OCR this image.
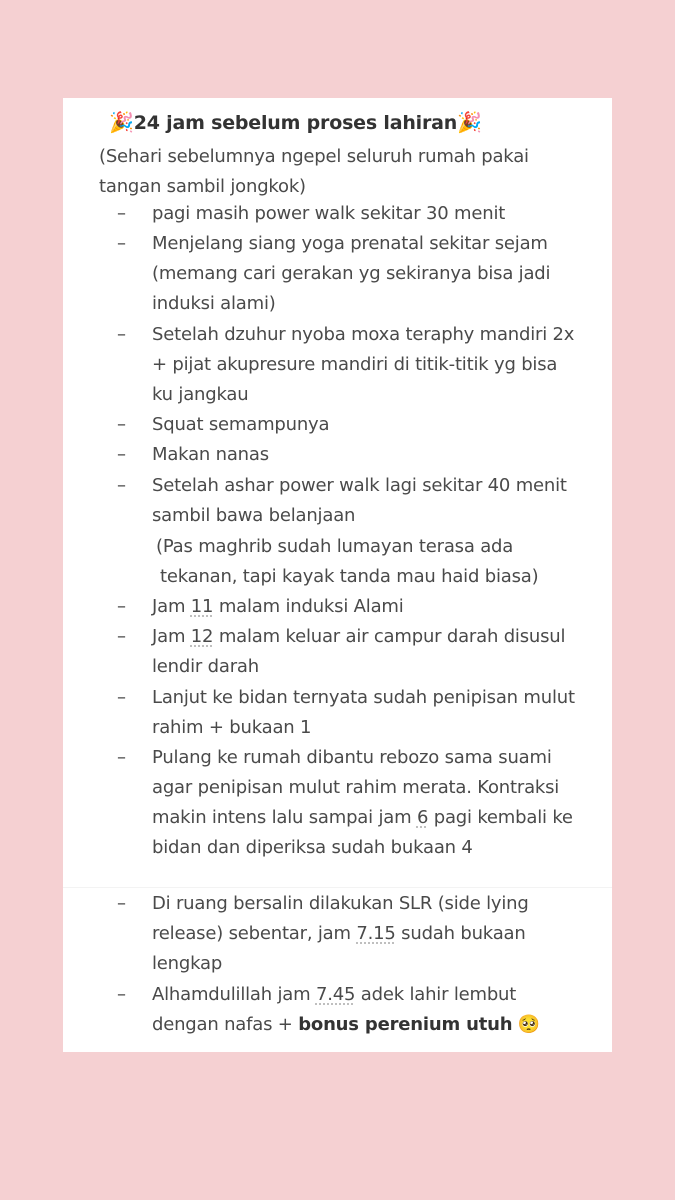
🎉24 jam sebelum proses lahiran🎉
(Sehari sebelumnya ngepel seluruh rumah pakai tangan sambil jongkok)
–	pagi masih power walk sekitar 30 menit
–	Menjelang siang yoga prenatal sekitar sejam (memang cari gerakan yg sekiranya bisa jadi induksi alami)
–	Setelah dzuhur nyoba moxa teraphy mandiri 2x + pijat akupresure mandiri di titik-titik yg bisa ku jangkau
–	Squat semampunya
–	Makan nanas
–	Setelah ashar power walk lagi sekitar 40 menit sambil bawa belanjaan
(Pas maghrib sudah lumayan terasa ada
tekanan, tapi kayak tanda mau haid biasa)
–	Jam 11 malam induksi Alami
–	Jam 12 malam keluar air campur darah disusul lendir darah
–	Lanjut ke bidan ternyata sudah penipisan mulut rahim + bukaan 1
–	Pulang ke rumah dibantu rebozo sama suami agar penipisan mulut rahim merata. Kontraksi makin intens lalu sampai jam 6 pagi kembali ke bidan dan diperiksa sudah bukaan 4
–	Di ruang bersalin dilakukan SLR (side lying release) sebentar, jam 7.15 sudah bukaan lengkap
–	Alhamdulillah jam 7.45 adek lahir lembut dengan nafas + bonus perenium utuh 🥺
